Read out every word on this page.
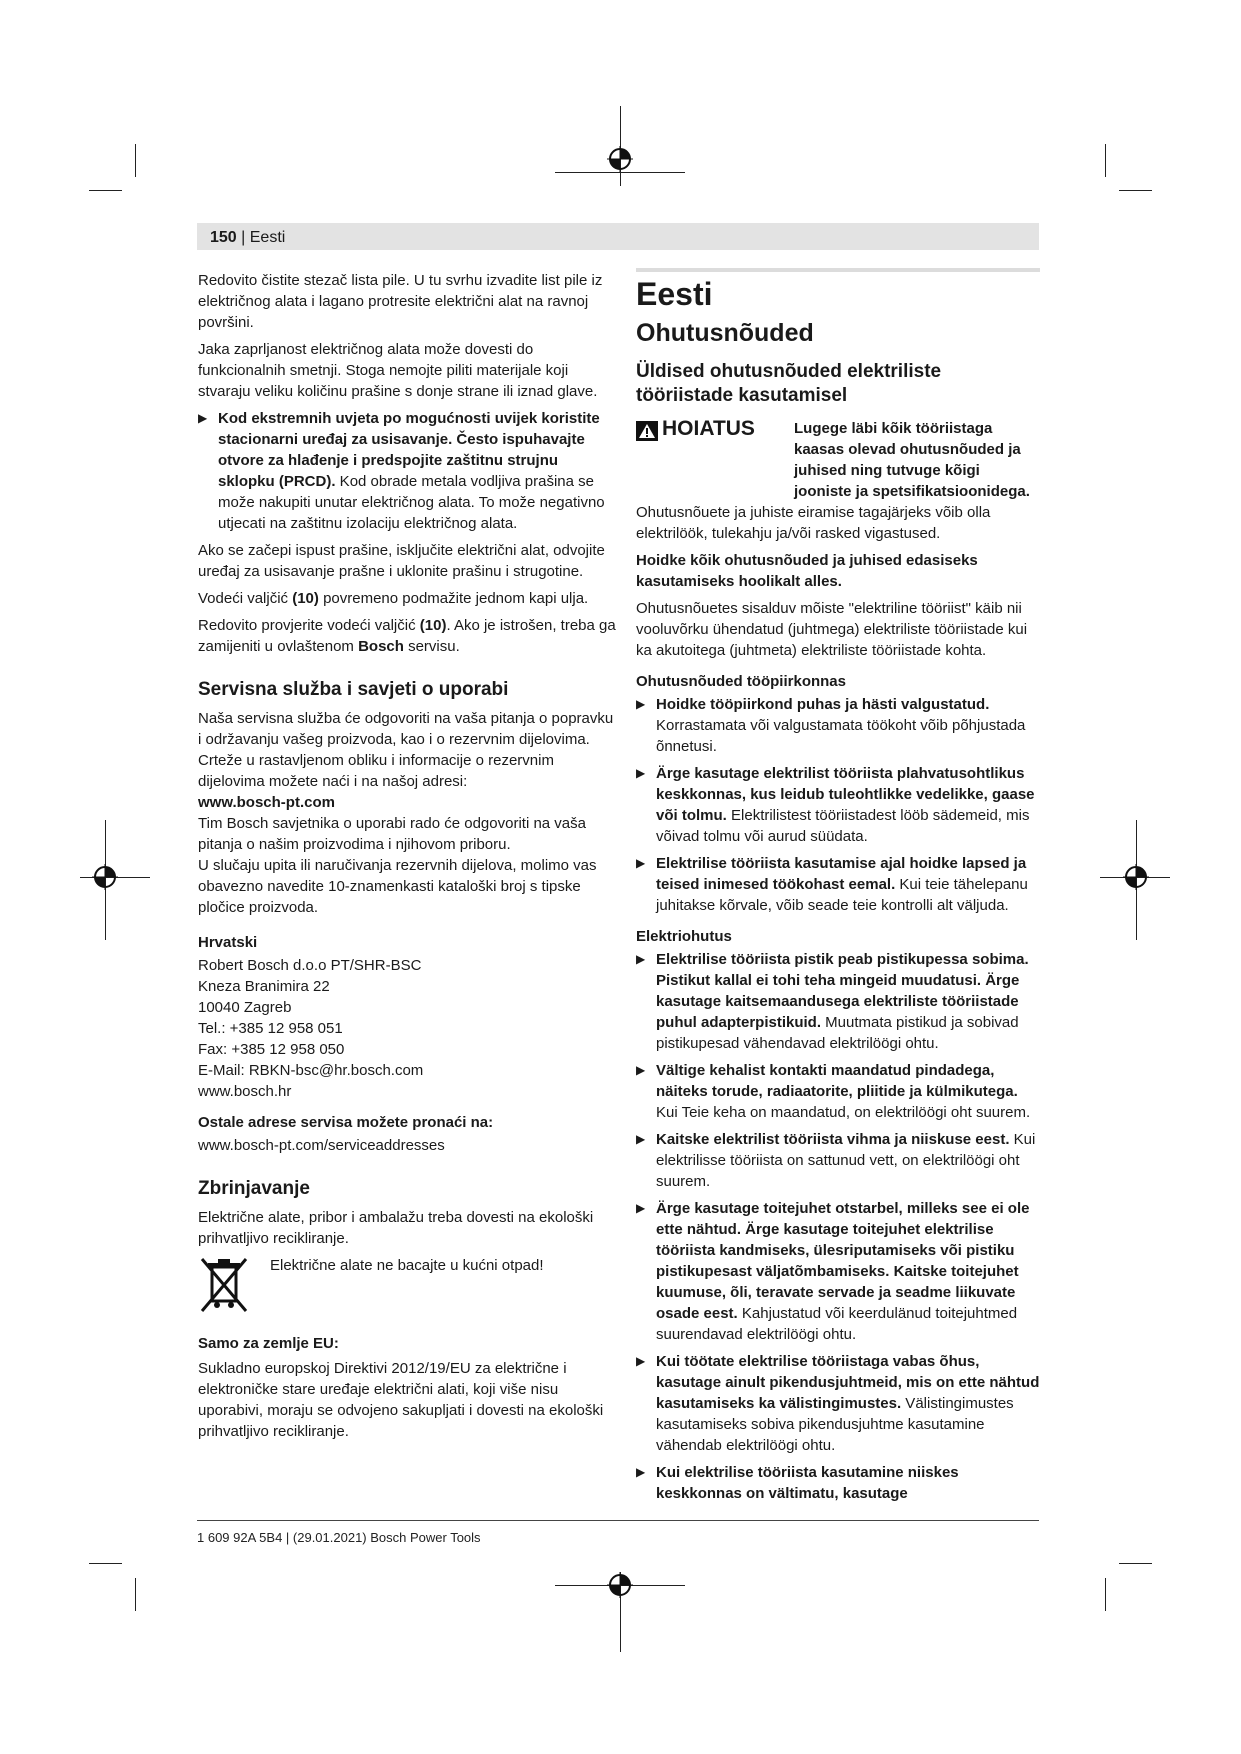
150 | Eesti

Redovito čistite stezač lista pile. U tu svrhu izvadite list pile iz električnog alata i lagano protresite električni alat na ravnoj površini.

Jaka zaprljanost električnog alata može dovesti do funkcionalnih smetnji. Stoga nemojte piliti materijale koji stvaraju veliku količinu prašine s donje strane ili iznad glave.

▶ Kod ekstremnih uvjeta po mogućnosti uvijek koristite stacionarni uređaj za usisavanje. Često ispuhavajte otvore za hlađenje i predspojite zaštitnu strujnu sklopku (PRCD). Kod obrade metala vodljiva prašina se može nakupiti unutar električnog alata. To može negativno utjecati na zaštitnu izolaciju električnog alata.

Ako se začepi ispust prašine, isključite električni alat, odvojite uređaj za usisavanje prašne i uklonite prašinu i strugotine.

Vodeći valjčić (10) povremeno podmažite jednom kapi ulja.

Redovito provjerite vodeći valjčić (10). Ako je istrošen, treba ga zamijeniti u ovlaštenom Bosch servisu.

Servisna služba i savjeti o uporabi

Naša servisna služba će odgovoriti na vaša pitanja o popravku i održavanju vašeg proizvoda, kao i o rezervnim dijelovima. Crteže u rastavljenom obliku i informacije o rezervnim dijelovima možete naći i na našoj adresi:

www.bosch-pt.com

Tim Bosch savjetnika o uporabi rado će odgovoriti na vaša pitanja o našim proizvodima i njihovom priboru.

U slučaju upita ili naručivanja rezervnih dijelova, molimo vas obavezno navedite 10-znamenkasti kataloški broj s tipske pločice proizvoda.

Hrvatski

Robert Bosch d.o.o PT/SHR-BSC
Kneza Branimira 22
10040 Zagreb
Tel.: +385 12 958 051
Fax: +385 12 958 050
E-Mail: RBKN-bsc@hr.bosch.com
www.bosch.hr

Ostale adrese servisa možete pronaći na:

www.bosch-pt.com/serviceaddresses

Zbrinjavanje

Električne alate, pribor i ambalažu treba dovesti na ekološki prihvatljivo recikliranje.

Električne alate ne bacajte u kućni otpad!

Samo za zemlje EU:

Sukladno europskoj Direktivi 2012/19/EU za električne i elektroničke stare uređaje električni alati, koji više nisu uporabivi, moraju se odvojeno sakupljati i dovesti na ekološki prihvatljivo recikliranje.

Eesti
Ohutusnõuded
Üldised ohutusnõuded elektriliste tööriistade kasutamisel
HOIATUS	Lugege läbi kõik tööriistaga kaasas olevad ohutusnõuded ja juhised ning tutvuge kõigi jooniste ja spetsifikatsioonidega.

Ohutusnõuete ja juhiste eiramise tagajärjeks võib olla elektrilöök, tulekahju ja/või rasked vigastused.

Hoidke kõik ohutusnõuded ja juhised edasiseks kasutamiseks hoolikalt alles.

Ohutusnõuetes sisalduv mõiste "elektriline tööriist" käib nii vooluvõrku ühendatud (juhtmega) elektriliste tööriistade kui ka akutoitega (juhtmeta) elektriliste tööriistade kohta.

Ohutusnõuded tööpiirkonnas

▶ Hoidke tööpiirkond puhas ja hästi valgustatud. Korrastamata või valgustamata töökoht võib põhjustada õnnetusi.
▶ Ärge kasutage elektrilist tööriista plahvatusohtlikus keskkonnas, kus leidub tuleohtlikke vedelikke, gaase või tolmu. Elektrilistest tööriistadest lööb sädemeid, mis võivad tolmu või aurud süüdata.
▶ Elektrilise tööriista kasutamise ajal hoidke lapsed ja teised inimesed töökohast eemal. Kui teie tähelepanu juhitakse kõrvale, võib seade teie kontrolli alt väljuda.

Elektriohutus

▶ Elektrilise tööriista pistik peab pistikupessa sobima. Pistikut kallal ei tohi teha mingeid muudatusi. Ärge kasutage kaitsemaandusega elektriliste tööriistade puhul adapterpistikuid. Muutmata pistikud ja sobivad pistikupesad vähendavad elektrilöögi ohtu.
▶ Vältige kehalist kontakti maandatud pindadega, näiteks torude, radiaatorite, pliitide ja külmikutega. Kui Teie keha on maandatud, on elektrilöögi oht suurem.
▶ Kaitske elektrilist tööriista vihma ja niiskuse eest. Kui elektrilisse tööriista on sattunud vett, on elektrilöögi oht suurem.
▶ Ärge kasutage toitejuhet otstarbel, milleks see ei ole ette nähtud. Ärge kasutage toitejuhet elektrilise tööriista kandmiseks, ülesriputamiseks või pistiku pistikupesast väljatõmbamiseks. Kaitske toitejuhet kuumuse, õli, teravate servade ja seadme liikuvate osade eest. Kahjustatud või keerdulänud toitejuhtmed suurendavad elektrilöögi ohtu.
▶ Kui töötate elektrilise tööriistaga vabas õhus, kasutage ainult pikendusjuhtmeid, mis on ette nähtud kasutamiseks ka välistingimustes. Välistingimustes kasutamiseks sobiva pikendusjuhtme kasutamine vähendab elektrilöögi ohtu.
▶ Kui elektrilise tööriista kasutamine niiskes keskkonnas on vältimatu, kasutage
1 609 92A 5B4 | (29.01.2021) Bosch Power Tools
